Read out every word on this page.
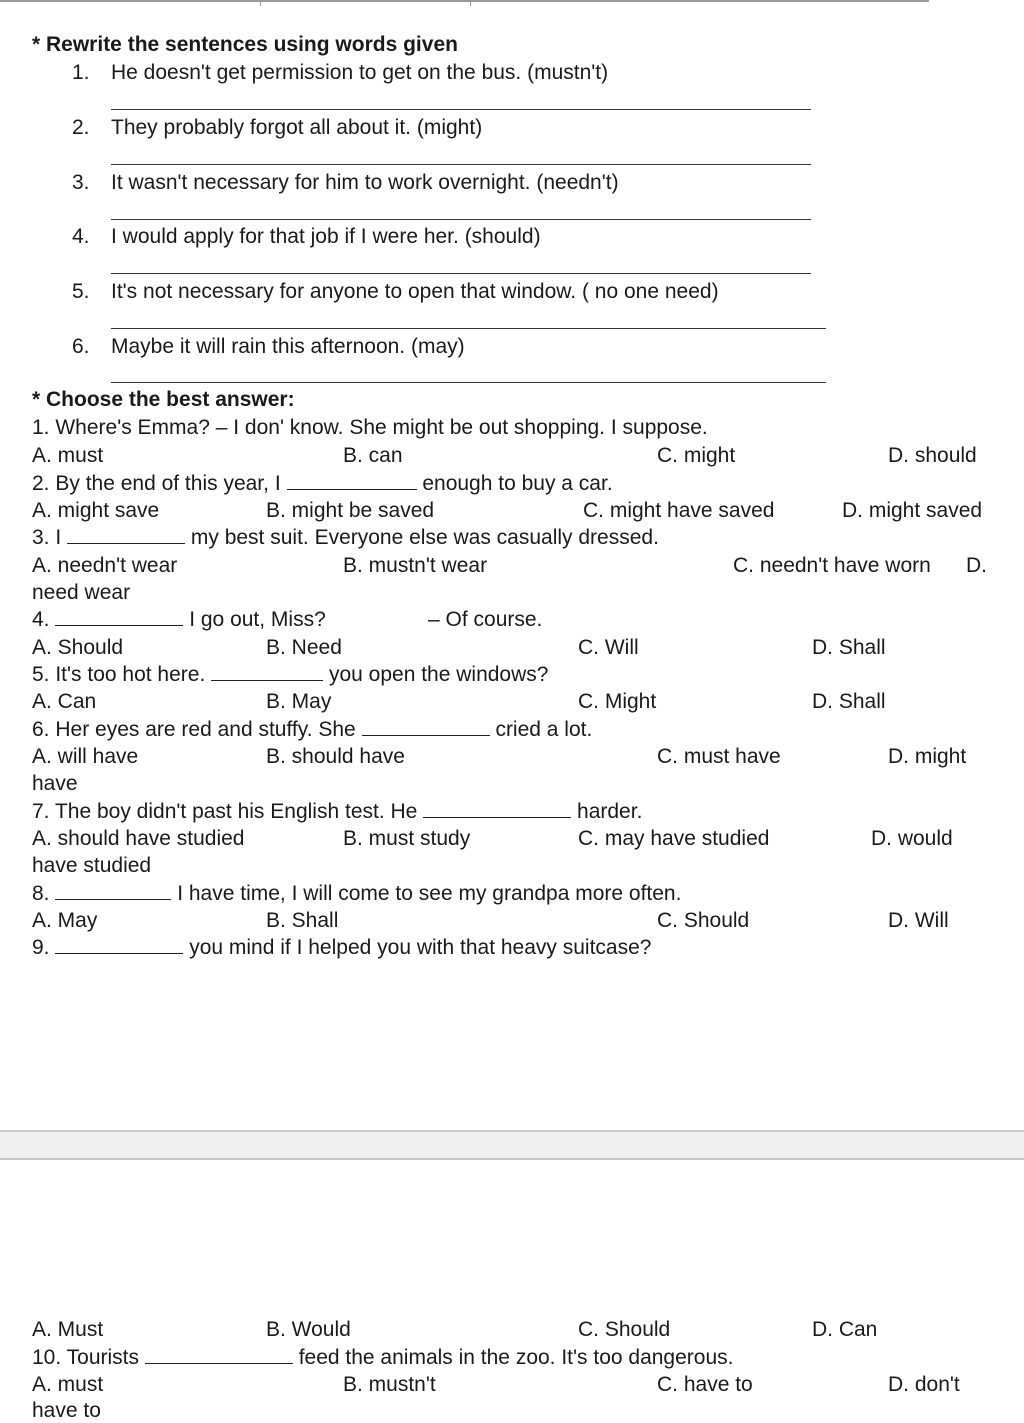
* Rewrite the sentences using words given
1. He doesn't get permission to get on the bus. (mustn't)
2. They probably forgot all about it. (might)
3. It wasn't necessary for him to work overnight. (needn't)
4. I would apply for that job if I were her. (should)
5. It's not necessary for anyone to open that window. ( no one need)
6. Maybe it will rain this afternoon. (may)
* Choose the best answer:
1. Where's Emma? – I don' know. She might be out shopping. I suppose.
A. must	B. can	C. might	D. should
2. By the end of this year, I	enough to buy a car.
A. might save	B. might be saved	C. might have saved	D. might saved
3. I	my best suit. Everyone else was casually dressed.
A. needn't wear	B. mustn't wear	C. needn't have worn D.
need wear
4.	I go out, Miss?	– Of course.
A. Should	B. Need	C. Will	D. Shall
5. It's too hot here.	you open the windows?
A. Can	B. May	C. Might	D. Shall
6. Her eyes are red and stuffy. She	cried a lot.
A. will have	B. should have	C. must have	D. might
have
7. The boy didn't past his English test. He	harder.
A. should have studied	B. must study	C. may have studied	D. would
have studied
8.	I have time, I will come to see my grandpa more often.
A. May	B. Shall	C. Should	D. Will
9.	you mind if I helped you with that heavy suitcase?
A. Must	B. Would	C. Should	D. Can
10. Tourists	feed the animals in the zoo. It's too dangerous.
A. must	B. mustn't	C. have to	D. don't
have to
